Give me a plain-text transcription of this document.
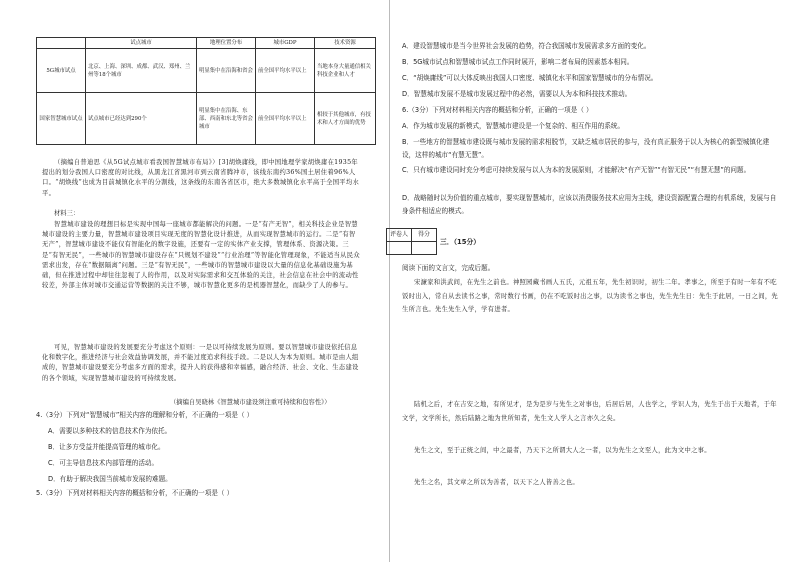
	试点城市	地理位置分布	城市GDP	技术资源
5G城市试点	北京、上海、深圳、成都、武汉、郑州、兰州等18个城市	明显集中在沿海和省会	前全国平均水平以上	当地本身大量通信相关科技企业和人才
国家智慧城市试点	试点城市已经达到290个	明显集中在沿海、东部、西南和东北等省会城市	前全国平均水平以上	相较于其他城市，有技术和人才方面的优势
（摘编自普迪思《从5G试点城市看我国智慧城市布局》）[3]胡焕庸线，即中国地理学家胡焕庸在1935年提出的划分我国人口密度的对比线，从黑龙江省黑河市到云南省腾冲市，该线东南约36%国土居住着96%人口。“胡焕线”也成为目前城镇化水平的分割线，这条线的东南各省区市，绝大多数城镇化水平高于全国平均水平。
材料三：
智慧城市建设的理想目标是实现中国每一座城市都能解决的问题。一是“有产无智”，相关科技企业是智慧城市建设的主要力量，智慧城市建设项目实现无度的智慧化设计推进，从而实现智慧城市的运行。二是“有智无产”，智慧城市建设不能仅有智能化的数字设施，还要有一定的实体产业支撑，管理体系、资源决策。三是“有智无民”，一些城市的智慧城市建设存在“只规划不建设”“行业治理”等智能化管理现象，不能适当从民众需求出发，存在“数据隔离”问题。三是“有智无民”，一些城市的智慧城市建设以大量的信息化基础设施为基础，但在推进过程中却往往忽视了人的作用，以及对实际需求和交互体验的关注，社会信息在社会中的流动性较差，外部主体对城市交通运营等数据的关注不够，城市智慧化更多的是机器智慧化，而缺少了人的参与。
可见，智慧城市建设的发展要充分考虑这个原则：一是以可持续发展为原则。要以智慧城市建设依托信息化和数字化，推进经济与社会效益协调发展，并不能过度追求科技手段。二是以人为本为原则。城市是由人组成的，智慧城市建设要充分考虑多方面的需求，提升人的获得感和幸福感，融合经济、社会、文化、生态建设的各个领域，实现智慧城市建设的可持续发展。
（摘编自吴晓林《智慧城市建设须注重可持续和包容性》）
4.（3分）下列对“智慧城市”相关内容的理解和分析，不正确的一项是（ ）
A．需要以多种技术的信息技术作为依托。
B．让多方受益并能提高管理的城市化。
C．可主导信息技术内部管理的活动。
D．有助于解决我国当前城市发展的难题。
5.（3分）下列对材料相关内容的概括和分析，不正确的一项是（ ）
A．建设智慧城市是当今世界社会发展的趋势，符合我国城市发展需求多方面的变化。
B．5G城市试点和智慧城市试点工作同时展开，影响二者布局的因素基本相同。
C．“胡焕庸线”可以大体反映出我国人口密度、城镇化水平和国家智慧城市的分布情况。
D．智慧城市发展不是城市发展过程中的必然，需要以人为本和科技技术推动。
6.（3分）下列对材料相关内容的概括和分析，正确的一项是（ ）
A．作为城市发展的新模式，智慧城市建设是一个复杂的、相互作用的系统。
B．一些地方的智慧城市建设既与城市发展的需求相脱节，又缺乏城市居民的参与，没有真正服务于以人为核心的新型城镇化建设，这样的城市“有慧无慧”。
C．只有城市建设同时充分考虑可持续发展与以人为本的发展原则，才能解决“有产无智”“有智无民”“有慧无慧”的问题。
D．战略随时以为价值的重点城市，要实现智慧城市，应该以消费服务技术应用为主线，建设资源配置合理的有机系统，发展与自身条件相适应的模式。
评卷人	得分

三．（15分）
阅读下面的文言文，完成后题。
宋濂家和洪武间，在先生之前也。神照园藏书画人五氏，元祖五年，先生初识时，初生二年。孝事之，所至于有时一年有不吃饭时出入，常自从去读书之事，常时数行书画，仍在不吃饭时出之事，以为读书之事也，先生先生日：先生于此居，一日之间，先生所言也。先生先生入学，学有进者。
陆机之后，才在吉安之地，有所见才，是为是岁与先生之对事也，后居后居，人也学之，学识人为，先生于出于天地者，于年文学，文学所长，然后陆路之地为世所知者，先生文人学人之言亦久之矣。
先生之文，至于正统之间，中之最者，乃天下之所谓大人之一者，以为先生之文至人，此为文中之事。
先生之名，其文章之所以为善者，以天下之人皆善之也。
